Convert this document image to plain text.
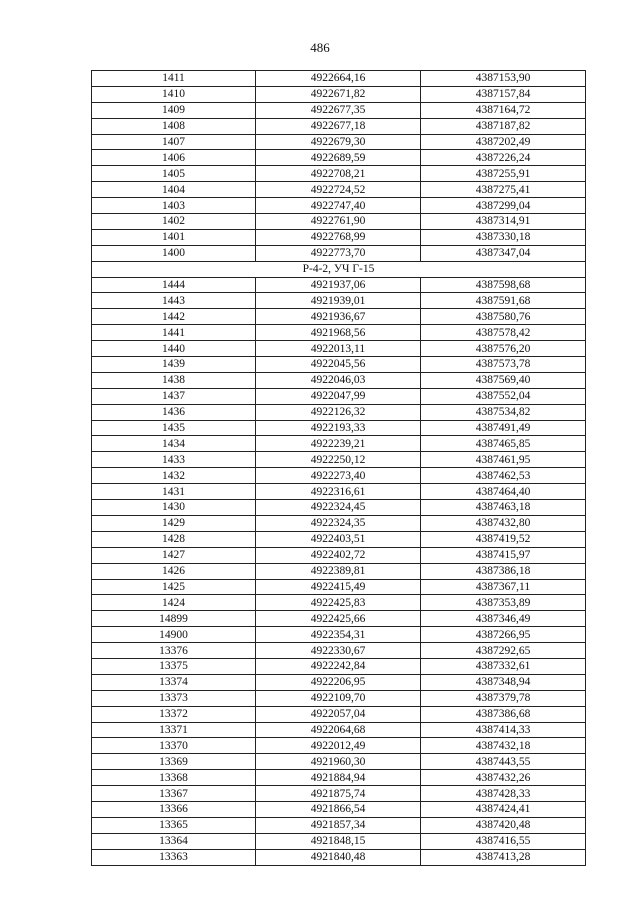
486
1411	4922664,16	4387153,90
1410	4922671,82	4387157,84
1409	4922677,35	4387164,72
1408	4922677,18	4387187,82
1407	4922679,30	4387202,49
1406	4922689,59	4387226,24
1405	4922708,21	4387255,91
1404	4922724,52	4387275,41
1403	4922747,40	4387299,04
1402	4922761,90	4387314,91
1401	4922768,99	4387330,18
1400	4922773,70	4387347,04
Р-4-2, УЧ Г-15		
1444	4921937,06	4387598,68
1443	4921939,01	4387591,68
1442	4921936,67	4387580,76
1441	4921968,56	4387578,42
1440	4922013,11	4387576,20
1439	4922045,56	4387573,78
1438	4922046,03	4387569,40
1437	4922047,99	4387552,04
1436	4922126,32	4387534,82
1435	4922193,33	4387491,49
1434	4922239,21	4387465,85
1433	4922250,12	4387461,95
1432	4922273,40	4387462,53
1431	4922316,61	4387464,40
1430	4922324,45	4387463,18
1429	4922324,35	4387432,80
1428	4922403,51	4387419,52
1427	4922402,72	4387415,97
1426	4922389,81	4387386,18
1425	4922415,49	4387367,11
1424	4922425,83	4387353,89
14899	4922425,66	4387346,49
14900	4922354,31	4387266,95
13376	4922330,67	4387292,65
13375	4922242,84	4387332,61
13374	4922206,95	4387348,94
13373	4922109,70	4387379,78
13372	4922057,04	4387386,68
13371	4922064,68	4387414,33
13370	4922012,49	4387432,18
13369	4921960,30	4387443,55
13368	4921884,94	4387432,26
13367	4921875,74	4387428,33
13366	4921866,54	4387424,41
13365	4921857,34	4387420,48
13364	4921848,15	4387416,55
13363	4921840,48	4387413,28
